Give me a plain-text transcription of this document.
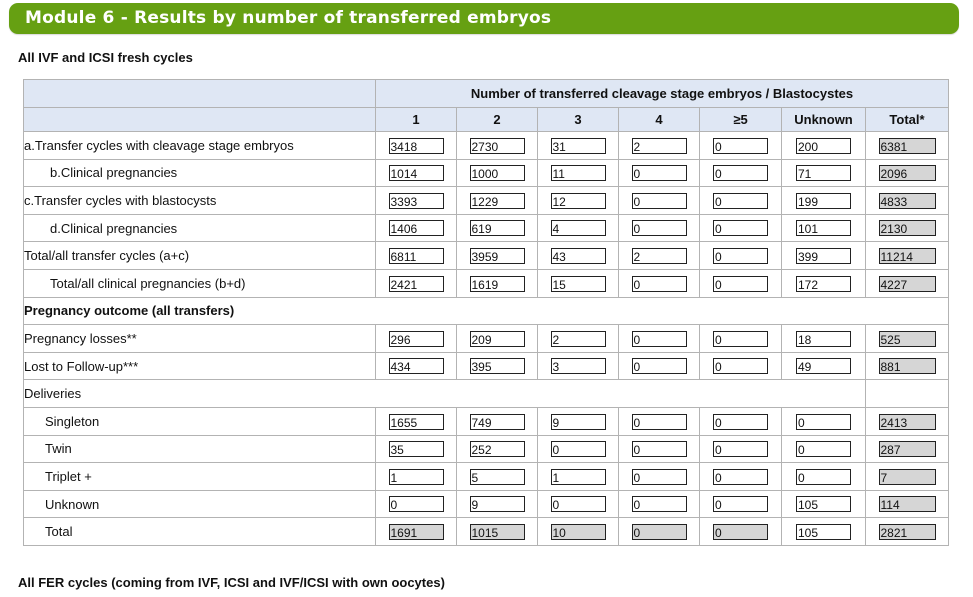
Module 6 - Results by number of transferred embryos
All IVF and ICSI fresh cycles
	Number of transferred cleavage stage embryos / Blastocystes						
	1	2	3	4	≥5	Unknown	Total*
a.Transfer cycles with cleavage stage embryos	3418	2730	31	2	0	200	6381
b.Clinical pregnancies	1014	1000	11	0	0	71	2096
c.Transfer cycles with blastocysts	3393	1229	12	0	0	199	4833
d.Clinical pregnancies	1406	619	4	0	0	101	2130
Total/all transfer cycles (a+c)	6811	3959	43	2	0	399	11214
Total/all clinical pregnancies (b+d)	2421	1619	15	0	0	172	4227
Pregnancy outcome (all transfers)							
Pregnancy losses**	296	209	2	0	0	18	525
Lost to Follow-up***	434	395	3	0	0	49	881
Deliveries							
Singleton	1655	749	9	0	0	0	2413
Twin	35	252	0	0	0	0	287
Triplet +	1	5	1	0	0	0	7
Unknown	0	9	0	0	0	105	114
Total	1691	1015	10	0	0	105	2821
All FER cycles (coming from IVF, ICSI and IVF/ICSI with own oocytes)
